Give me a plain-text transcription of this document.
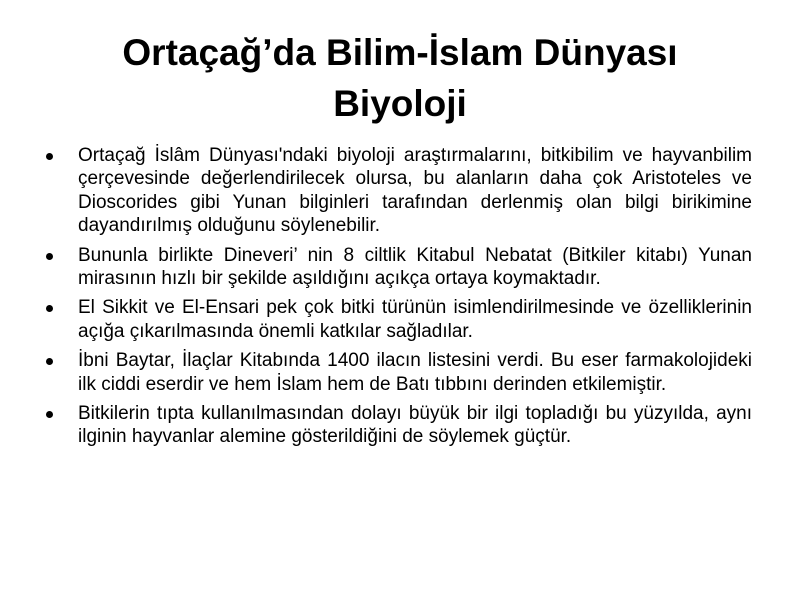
Ortaçağ’da Bilim-İslam Dünyası
Biyoloji
Ortaçağ İslâm Dünyası'ndaki biyoloji araştırmalarını, bitkibilim ve hayvanbilim çerçevesinde değerlendirilecek olursa, bu alanların daha çok Aristoteles ve Dioscorides gibi Yunan bilginleri tarafından derlenmiş olan bilgi birikimine dayandırılmış olduğunu söylenebilir.
Bununla birlikte Dineveri’ nin 8 ciltlik Kitabul Nebatat (Bitkiler kitabı) Yunan mirasının hızlı bir şekilde aşıldığını açıkça ortaya koymaktadır.
El Sikkit ve El-Ensari pek çok bitki türünün isimlendirilmesinde ve özelliklerinin açığa çıkarılmasında önemli katkılar sağladılar.
İbni Baytar, İlaçlar Kitabında 1400 ilacın listesini verdi. Bu eser farmakolojideki ilk ciddi eserdir ve hem İslam hem de Batı tıbbını derinden etkilemiştir.
Bitkilerin tıpta kullanılmasından dolayı büyük bir ilgi topladığı bu yüzyılda, aynı ilginin hayvanlar alemine gösterildiğini de söylemek güçtür.
